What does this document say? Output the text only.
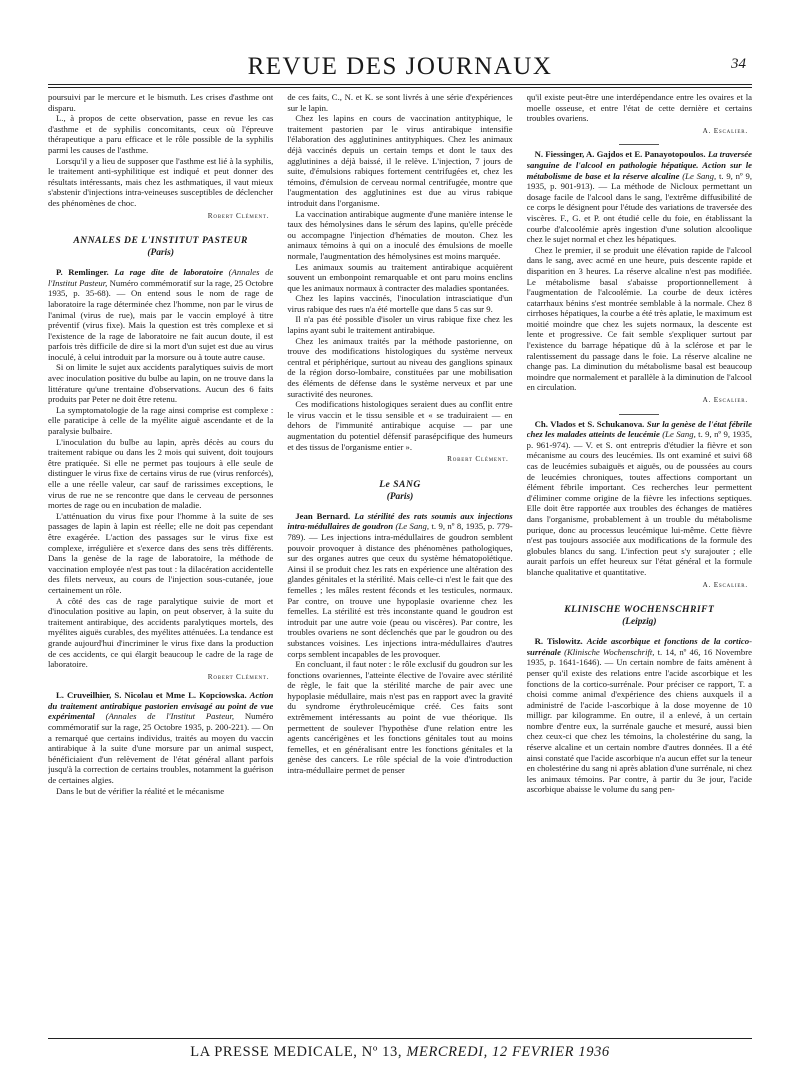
REVUE DES JOURNAUX	34

poursuivi par le mercure et le bismuth. Les crises d'asthme ont disparu.

L., à propos de cette observation, passe en revue les cas d'asthme et de syphilis concomitants, ceux où l'épreuve thérapeutique a paru efficace et le rôle possible de la syphilis parmi les causes de l'asthme.

Lorsqu'il y a lieu de supposer que l'asthme est lié à la syphilis, le traitement anti-syphilitique est indiqué et peut donner des résultats intéressants, mais chez les asthmatiques, il vaut mieux s'abstenir d'injections intra-veineuses susceptibles de déclencher des phénomènes de choc.

Robert Clément.
ANNALES DE L'INSTITUT PASTEUR
(Paris)

P. Remlinger. La rage dite de laboratoire (Annales de l'Institut Pasteur, Numéro commémoratif sur la rage, 25 Octobre 1935, p. 35-68). — On entend sous le nom de rage de laboratoire la rage déterminée chez l'homme, non par le virus de l'animal (virus de rue), mais par le vaccin employé à titre préventif (virus fixe). Mais la question est très complexe et si l'existence de la rage de laboratoire ne fait aucun doute, il est parfois très difficile de dire si la mort d'un sujet est due au virus inoculé, à celui introduit par la morsure ou à toute autre cause.

Si on limite le sujet aux accidents paralytiques suivis de mort avec inoculation positive du bulbe au lapin, on ne trouve dans la littérature qu'une trentaine d'observations. Aucun des 6 faits produits par Peter ne doit être retenu.

La symptomatologie de la rage ainsi comprise est complexe : elle paraticipe à celle de la myélite aiguë ascendante et de la paralysie bulbaire.

L'inoculation du bulbe au lapin, après décès au cours du traitement rabique ou dans les 2 mois qui suivent, doit toujours être pratiquée. Si elle ne permet pas toujours à elle seule de distinguer le virus fixe de certains virus de rue (virus renforcés), elle a une réelle valeur, car sauf de rarissimes exceptions, le virus de rue ne se rencontre que dans le cerveau de personnes mortes de rage ou en incubation de maladie.

L'atténuation du virus fixe pour l'homme à la suite de ses passages de lapin à lapin est réelle; elle ne doit pas cependant être exagérée. L'action des passages sur le virus fixe est complexe, irrégulière et s'exerce dans des sens très différents. Dans la genèse de la rage de laboratoire, la méthode de vaccination employée n'est pas tout : la dilacération accidentelle des filets nerveux, au cours de l'injection sous-cutanée, joue certainement un rôle.

A côté des cas de rage paralytique suivie de mort et d'inoculation positive au lapin, on peut observer, à la suite du traitement antirabique, des accidents paralytiques mortels, des myélites aiguës curables, des myélites atténuées. La tendance est grande aujourd'hui d'incriminer le virus fixe dans la production de ces accidents, ce qui élargit beaucoup le cadre de la rage de laboratoire.

Robert Clément.

L. Cruveilhier, S. Nicolau et Mme L. Kopciowska. Action du traitement antirabique pastorien envisagé au point de vue expérimental (Annales de l'Institut Pasteur, Numéro commémoratif sur la rage, 25 Octobre 1935, p. 200-221). — On a remarqué que certains individus, traités au moyen du vaccin antirabique à la suite d'une morsure par un animal suspect, bénéficiaient d'un relèvement de l'état général allant parfois jusqu'à la correction de certains troubles, notamment la guérison de certaines algies.

Dans le but de vérifier la réalité et le mécanisme

de ces faits, C., N. et K. se sont livrés à une série d'expériences sur le lapin.

Chez les lapins en cours de vaccination antityphique, le traitement pastorien par le virus antirabique intensifie l'élaboration des agglutinines antityphiques. Chez les animaux déjà vaccinés depuis un certain temps et dont le taux des agglutinines a déjà baissé, il le relève. L'injection, 7 jours de suite, d'émulsions rabiques fortement centrifugées et, chez les témoins, d'émulsion de cerveau normal centrifugée, montre que l'augmentation des agglutinines est due au virus rabique introduit dans l'organisme.

La vaccination antirabique augmente d'une manière intense le taux des hémolysines dans le sérum des lapins, qu'elle précède ou accompagne l'injection d'hématies de mouton. Chez les animaux témoins à qui on a inoculé des émulsions de moelle normale, l'augmentation des hémolysines est moins marquée.

Les animaux soumis au traitement antirabique acquièrent souvent un embonpoint remarquable et ont paru moins enclins que les animaux normaux à contracter des maladies spontanées.

Chez les lapins vaccinés, l'inoculation intrasciatique d'un virus rabique des rues n'a été mortelle que dans 5 cas sur 9.

Il n'a pas été possible d'isoler un virus rabique fixe chez les lapins ayant subi le traitement antirabique.

Chez les animaux traités par la méthode pastorienne, on trouve des modifications histologiques du système nerveux central et périphérique, surtout au niveau des ganglions spinaux de la région dorso-lombaire, constituées par une mobilisation des éléments de défense dans le système nerveux et par une suractivité des neurones.

Ces modifications histologiques seraient dues au conflit entre le virus vaccin et le tissu sensible et « se traduiraient — en dehors de l'immunité antirabique acquise — par une augmentation du potentiel défensif parasépcifique des humeurs et des tissus de l'organisme entier ».

Robert Clément.
Le SANG
(Paris)

Jean Bernard. La stérilité des rats soumis aux injections intra-médullaires de goudron (Le Sang, t. 9, nº 8, 1935, p. 779-789). — Les injections intra-médullaires de goudron semblent pouvoir provoquer à distance des phénomènes pathologiques, sur des organes autres que ceux du système hématopoïétique. Ainsi il se produit chez les rats en expérience une altération des glandes génitales et la stérilité. Mais celle-ci n'est le fait que des femelles ; les mâles restent féconds et les testicules, normaux. Par contre, on trouve une hypoplasie ovarienne chez les femelles. La stérilité est très inconstante quand le goudron est introduit par une autre voie (peau ou viscères). Par contre, les troubles ovariens ne sont déclenchés que par le goudron ou des substances voisines. Les injections intra-médullaires d'autres corps semblent incapables de les provoquer.

En concluant, il faut noter : le rôle exclusif du goudron sur les fonctions ovariennes, l'atteinte élective de l'ovaire avec stérilité de règle, le fait que la stérilité marche de pair avec une hypoplasie médullaire, mais n'est pas en rapport avec la gravité du syndrome érythroleucémique créé. Ces faits sont extrêmement intéressants au point de vue théorique. Ils permettent de soulever l'hypothèse d'une relation entre les agents cancérigènes et les fonctions génitales tout au moins femelles, et en généralisant entre les fonctions génitales et la genèse des cancers. Le rôle spécial de la voie d'introduction intra-médullaire permet de penser

qu'il existe peut-être une interdépendance entre les ovaires et la moelle osseuse, et entre l'état de cette dernière et certains troubles ovariens.

A. Escalier.

N. Fiessinger, A. Gajdos et E. Panayotopoulos. La traversée sanguine de l'alcool en pathologie hépatique. Action sur le métabolisme de base et la réserve alcaline (Le Sang, t. 9, nº 9, 1935, p. 901-913). — La méthode de Nicloux permettant un dosage facile de l'alcool dans le sang, l'extrême diffusibilité de ce corps le désignent pour l'étude des variations de traversée des viscères. F., G. et P. ont étudié celle du foie, en établissant la courbe d'alcoolémie après ingestion d'une solution alcoolique chez le sujet normal et chez les hépatiques.

Chez le premier, il se produit une élévation rapide de l'alcool dans le sang, avec acmé en une heure, puis descente rapide et disparition en 3 heures. La réserve alcaline n'est pas modifiée. Le métabolisme basal s'abaisse proportionnellement à l'augmentation de l'alcoolémie. La courbe de deux ictères catarrhaux bénins s'est montrée semblable à la normale. Chez 8 cirrhoses hépatiques, la courbe a été très aplatie, le maximum est moitié moindre que chez les sujets normaux, la descente est lente et progressive. Ce fait semble s'expliquer surtout par l'existence du barrage hépatique dû à la sclérose et par le ralentissement du passage dans le foie. La réserve alcaline ne change pas. La diminution du métabolisme basal est beaucoup moindre que normalement et parallèle à la diminution de l'alcool en circulation.

A. Escalier.

Ch. Vlados et S. Schukanova. Sur la genèse de l'état fébrile chez les malades atteints de leucémie (Le Sang, t. 9, nº 9, 1935, p. 961-974). — V. et S. ont entrepris d'étudier la fièvre et son mécanisme au cours des leucémies. Ils ont examiné et suivi 68 cas de leucémies subaiguës et aiguës, ou de poussées au cours de leucémies chroniques, toutes affections comportant un élément fébrile important. Ces recherches leur permettent d'éliminer comme origine de la fièvre les infections septiques. Elle doit être rapportée aux troubles des échanges de matières dans l'organisme, probablement à un trouble du métabolisme purique, donc au processus leucémique lui-même. Cette fièvre n'est pas toujours associée aux modifications de la formule des globules blancs du sang. L'infection peut s'y surajouter ; elle aurait parfois un effet heureux sur l'état général et la formule blanche qualitative et quantitative.

A. Escalier.
KLINISCHE WOCHENSCHRIFT
(Leipzig)

R. Tislowitz. Acide ascorbique et fonctions de la cortico-surrénale (Klinische Wochenschrift, t. 14, nº 46, 16 Novembre 1935, p. 1641-1646). — Un certain nombre de faits amènent à penser qu'il existe des relations entre l'acide ascorbique et les fonctions de la cortico-surrénale. Pour préciser ce rapport, T. a choisi comme animal d'expérience des chiens auxquels il a administré de l'acide l-ascorbique à la dose moyenne de 10 milligr. par kilogramme. En outre, il a enlevé, à un certain nombre d'entre eux, la surrénale gauche et mesuré, aussi bien chez ceux-ci que chez les témoins, la cholestérine du sang, la réserve alcaline et un certain nombre d'autres données. Il a été ainsi constaté que l'acide ascorbique n'a aucun effet sur la teneur en cholestérine du sang ni après ablation d'une surrénale, ni chez les animaux témoins. Par contre, à partir du 3e jour, l'acide ascorbique abaisse le volume du sang pen-

LA PRESSE MEDICALE, Nº 13, MERCREDI, 12 FEVRIER 1936
